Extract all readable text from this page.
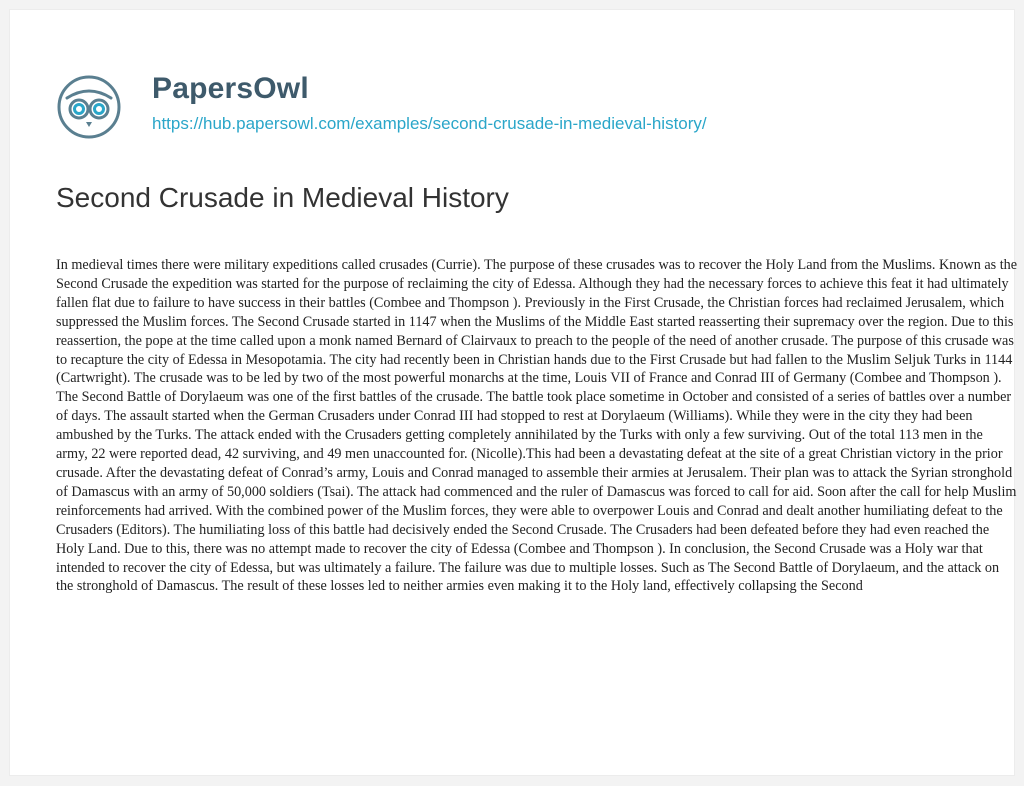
PapersOwl
https://hub.papersowl.com/examples/second-crusade-in-medieval-history/
Second Crusade in Medieval History

In medieval times there were military expeditions called crusades (Currie). The purpose of these crusades was to recover the Holy Land from the Muslims. Known as the Second Crusade the expedition was started for the purpose of reclaiming the city of Edessa. Although they had the necessary forces to achieve this feat it had ultimately fallen flat due to failure to have success in their battles (Combee and Thompson ). Previously in the First Crusade, the Christian forces had reclaimed Jerusalem, which suppressed the Muslim forces. The Second Crusade started in 1147 when the Muslims of the Middle East started reasserting their supremacy over the region. Due to this reassertion, the pope at the time called upon a monk named Bernard of Clairvaux to preach to the people of the need of another crusade. The purpose of this crusade was to recapture the city of Edessa in Mesopotamia. The city had recently been in Christian hands due to the First Crusade but had fallen to the Muslim Seljuk Turks in 1144 (Cartwright). The crusade was to be led by two of the most powerful monarchs at the time, Louis VII of France and Conrad III of Germany (Combee and Thompson ). The Second Battle of Dorylaeum was one of the first battles of the crusade. The battle took place sometime in October and consisted of a series of battles over a number of days. The assault started when the German Crusaders under Conrad III had stopped to rest at Dorylaeum (Williams). While they were in the city they had been ambushed by the Turks. The attack ended with the Crusaders getting completely annihilated by the Turks with only a few surviving. Out of the total 113 men in the army, 22 were reported dead, 42 surviving, and 49 men unaccounted for. (Nicolle).This had been a devastating defeat at the site of a great Christian victory in the prior crusade. After the devastating defeat of Conrad’s army, Louis and Conrad managed to assemble their armies at Jerusalem. Their plan was to attack the Syrian stronghold of Damascus with an army of 50,000 soldiers (Tsai). The attack had commenced and the ruler of Damascus was forced to call for aid. Soon after the call for help Muslim reinforcements had arrived. With the combined power of the Muslim forces, they were able to overpower Louis and Conrad and dealt another humiliating defeat to the Crusaders (Editors). The humiliating loss of this battle had decisively ended the Second Crusade. The Crusaders had been defeated before they had even reached the Holy Land. Due to this, there was no attempt made to recover the city of Edessa (Combee and Thompson ). In conclusion, the Second Crusade was a Holy war that intended to recover the city of Edessa, but was ultimately a failure. The failure was due to multiple losses. Such as The Second Battle of Dorylaeum, and the attack on the stronghold of Damascus. The result of these losses led to neither armies even making it to the Holy land, effectively collapsing the Second
